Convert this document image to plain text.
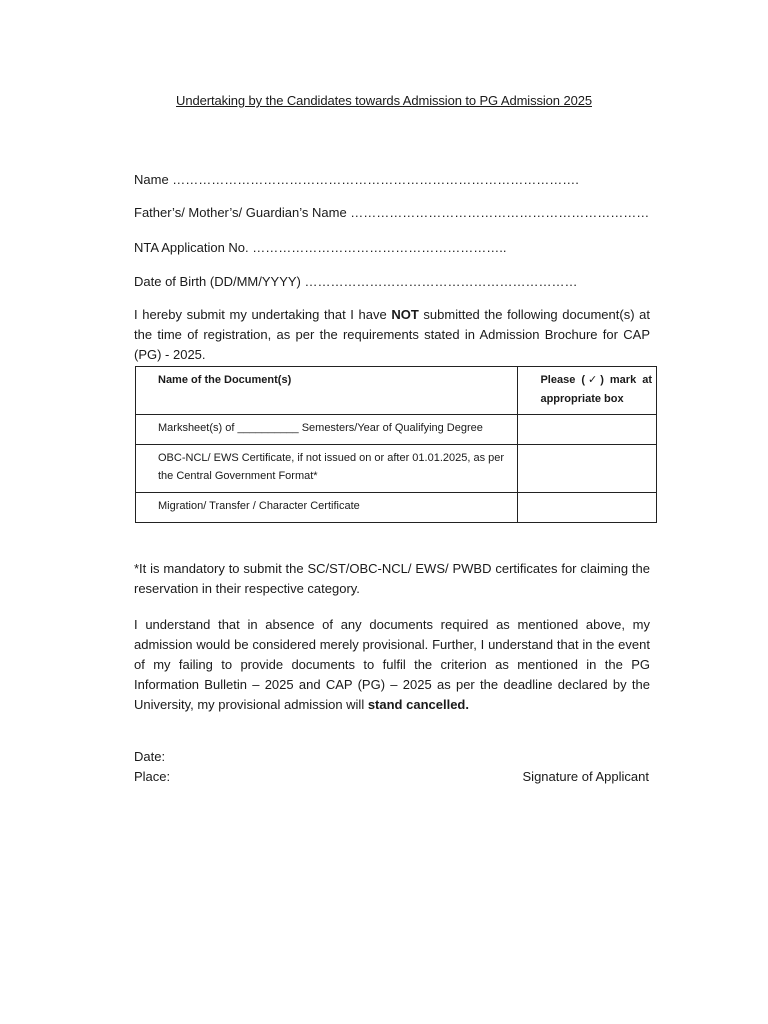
Undertaking by the Candidates towards Admission to PG Admission 2025
Name ………………………………………………………………………………….
Father’s/ Mother’s/ Guardian’s Name ……………………………………………………………
NTA Application No. …………………………………………………..
Date of Birth (DD/MM/YYYY) ………………………………………………………
I hereby submit my undertaking that I have NOT submitted the following document(s) at the time of registration, as per the requirements stated in Admission Brochure for CAP (PG) - 2025.
Name of the Document(s)	Please (✓) mark at appropriate box

Marksheet(s) of __________ Semesters/Year of Qualifying Degree	

OBC-NCL/ EWS Certificate, if not issued on or after 01.01.2025, as per the Central Government Format*	

Migration/ Transfer / Character Certificate	

*It is mandatory to submit the SC/ST/OBC-NCL/ EWS/ PWBD certificates for claiming the reservation in their respective category.
I understand that in absence of any documents required as mentioned above, my admission would be considered merely provisional. Further, I understand that in the event of my failing to provide documents to fulfil the criterion as mentioned in the PG Information Bulletin – 2025 and CAP (PG) – 2025 as per the deadline declared by the University, my provisional admission will stand cancelled.
Date:
Place:	Signature of Applicant
